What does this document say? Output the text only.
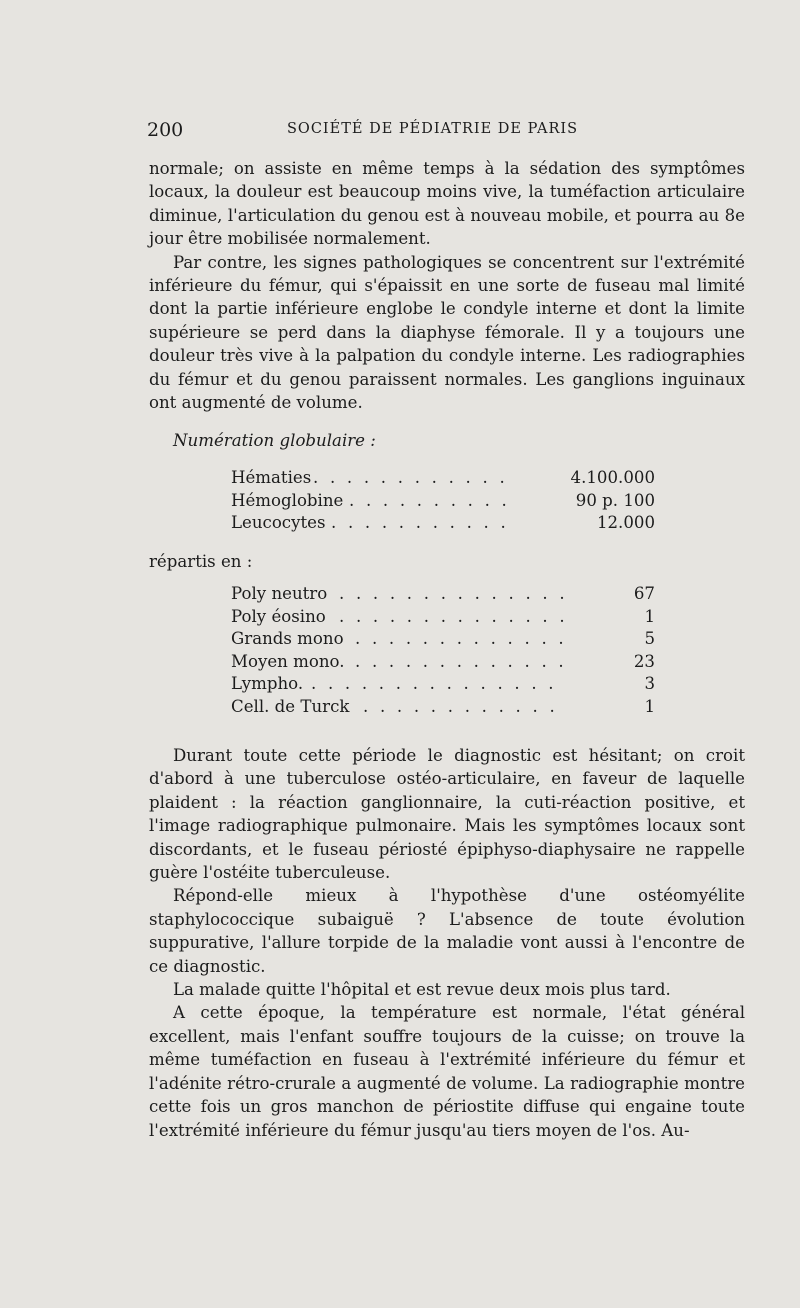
200	SOCIÉTÉ DE PÉDIATRIE DE PARIS

normale; on assiste en même temps à la sédation des symptômes locaux, la douleur est beaucoup moins vive, la tuméfaction articulaire diminue, l'articulation du genou est à nouveau mobile, et pourra au 8e jour être mobilisée normalement.

Par contre, les signes pathologiques se concentrent sur l'extrémité inférieure du fémur, qui s'épaissit en une sorte de fuseau mal limité dont la partie inférieure englobe le condyle interne et dont la limite supérieure se perd dans la diaphyse fémorale. Il y a toujours une douleur très vive à la palpation du condyle interne. Les radiographies du fémur et du genou paraissent normales. Les ganglions inguinaux ont augmenté de volume.

Numération globulaire :
Hématies . . . . . . . . . . . .	4.100.000
Hémoglobine . . . . . . . . . .	90 p. 100
Leucocytes . . . . . . . . . . .	12.000
répartis en :
Poly neutro . . . . . . . . . . . . . .	67
Poly éosino . . . . . . . . . . . . . .	1
Grands mono . . . . . . . . . . . . .	5
Moyen mono. . . . . . . . . . . . . .	23
Lympho. . . . . . . . . . . . . . . .	3
Cell. de Turck . . . . . . . . . . . .	1

Durant toute cette période le diagnostic est hésitant; on croit d'abord à une tuberculose ostéo-articulaire, en faveur de laquelle plaident : la réaction ganglionnaire, la cuti-réaction positive, et l'image radiographique pulmonaire. Mais les symptômes locaux sont discordants, et le fuseau périosté épiphyso-diaphysaire ne rappelle guère l'ostéite tuberculeuse.

Répond-elle mieux à l'hypothèse d'une ostéomyélite staphylococcique subaiguë ? L'absence de toute évolution suppurative, l'allure torpide de la maladie vont aussi à l'encontre de ce diagnostic.

La malade quitte l'hôpital et est revue deux mois plus tard.

A cette époque, la température est normale, l'état général excellent, mais l'enfant souffre toujours de la cuisse; on trouve la même tuméfaction en fuseau à l'extrémité inférieure du fémur et l'adénite rétro-crurale a augmenté de volume. La radiographie montre cette fois un gros manchon de périostite diffuse qui engaine toute l'extrémité inférieure du fémur jusqu'au tiers moyen de l'os. Au-
